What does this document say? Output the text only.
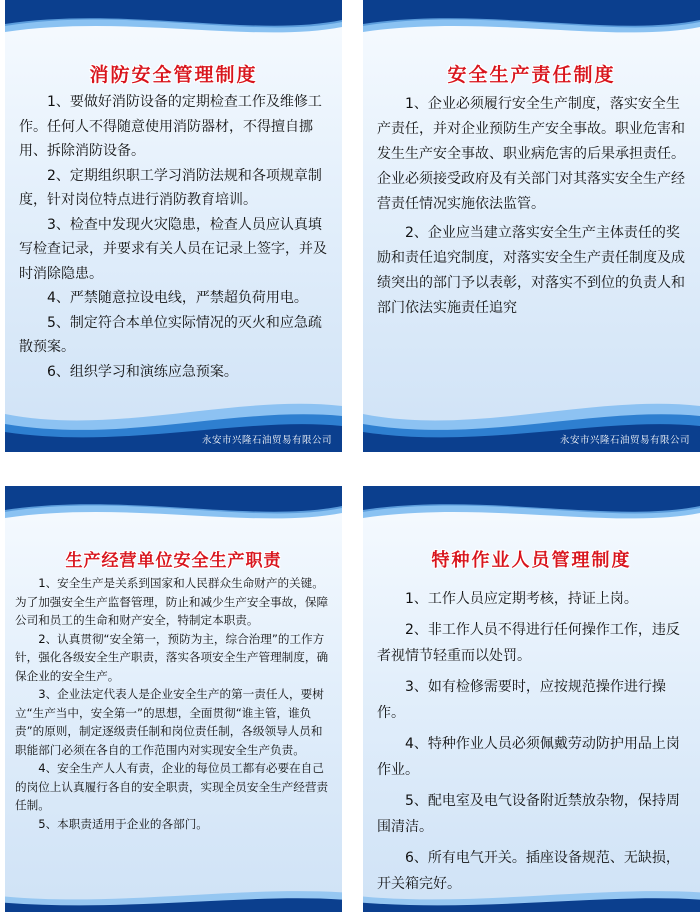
消防安全管理制度

1、要做好消防设备的定期检查工作及维修工作。任何人不得随意使用消防器材，不得擅自挪用、拆除消防设备。

2、定期组织职工学习消防法规和各项规章制度，针对岗位特点进行消防教育培训。

3、检查中发现火灾隐患，检查人员应认真填写检查记录，并要求有关人员在记录上签字，并及时消除隐患。

4、严禁随意拉设电线，严禁超负荷用电。

5、制定符合本单位实际情况的灭火和应急疏散预案。

6、组织学习和演练应急预案。

永安市兴隆石油贸易有限公司
安全生产责任制度

1、企业必须履行安全生产制度，落实安全生产责任，并对企业预防生产安全事故。职业危害和发生生产安全事故、职业病危害的后果承担责任。企业必须接受政府及有关部门对其落实安全生产经营责任情况实施依法监管。

2、企业应当建立落实安全生产主体责任的奖励和责任追究制度，对落实安全生产责任制度及成绩突出的部门予以表彰，对落实不到位的负责人和部门依法实施责任追究

永安市兴隆石油贸易有限公司
生产经营单位安全生产职责

1、安全生产是关系到国家和人民群众生命财产的关键。为了加强安全生产监督管理，防止和减少生产安全事故，保障公司和员工的生命和财产安全，特制定本职责。

2、认真贯彻“安全第一，预防为主，综合治理”的工作方针，强化各级安全生产职责，落实各项安全生产管理制度，确保企业的安全生产。

3、企业法定代表人是企业安全生产的第一责任人，要树立“生产当中，安全第一”的思想，全面贯彻“谁主管，谁负责”的原则，制定逐级责任制和岗位责任制，各级领导人员和职能部门必须在各自的工作范围内对实现安全生产负责。

4、安全生产人人有责，企业的每位员工都有必要在自己的岗位上认真履行各自的安全职责，实现全员安全生产经营责任制。

5、本职责适用于企业的各部门。

特种作业人员管理制度

1、工作人员应定期考核，持证上岗。

2、非工作人员不得进行任何操作工作，违反者视情节轻重而以处罚。

3、如有检修需要时，应按规范操作进行操作。

4、特种作业人员必须佩戴劳动防护用品上岗作业。

5、配电室及电气设备附近禁放杂物，保持周围清洁。

6、所有电气开关。插座设备规范、无缺损，开关箱完好。
